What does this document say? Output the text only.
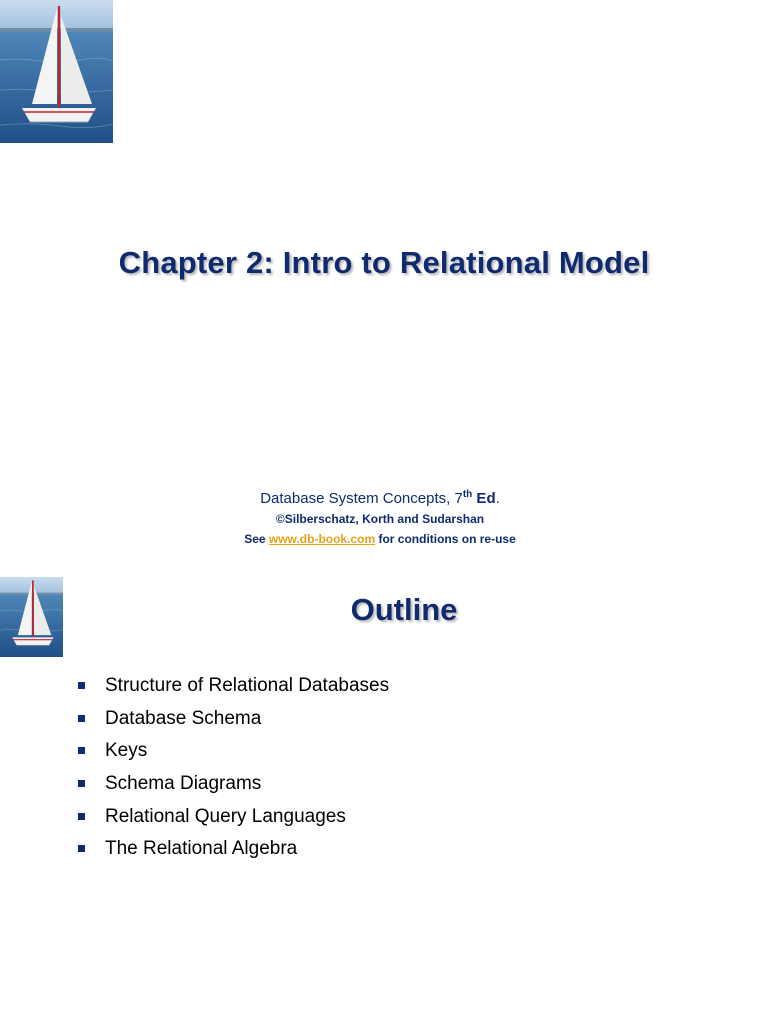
Chapter 2: Intro to Relational Model
Database System Concepts, 7th Ed.
©Silberschatz, Korth and Sudarshan
See www.db-book.com for conditions on re-use
Outline
Structure of Relational Databases
Database Schema
Keys
Schema Diagrams
Relational Query Languages
The Relational Algebra
